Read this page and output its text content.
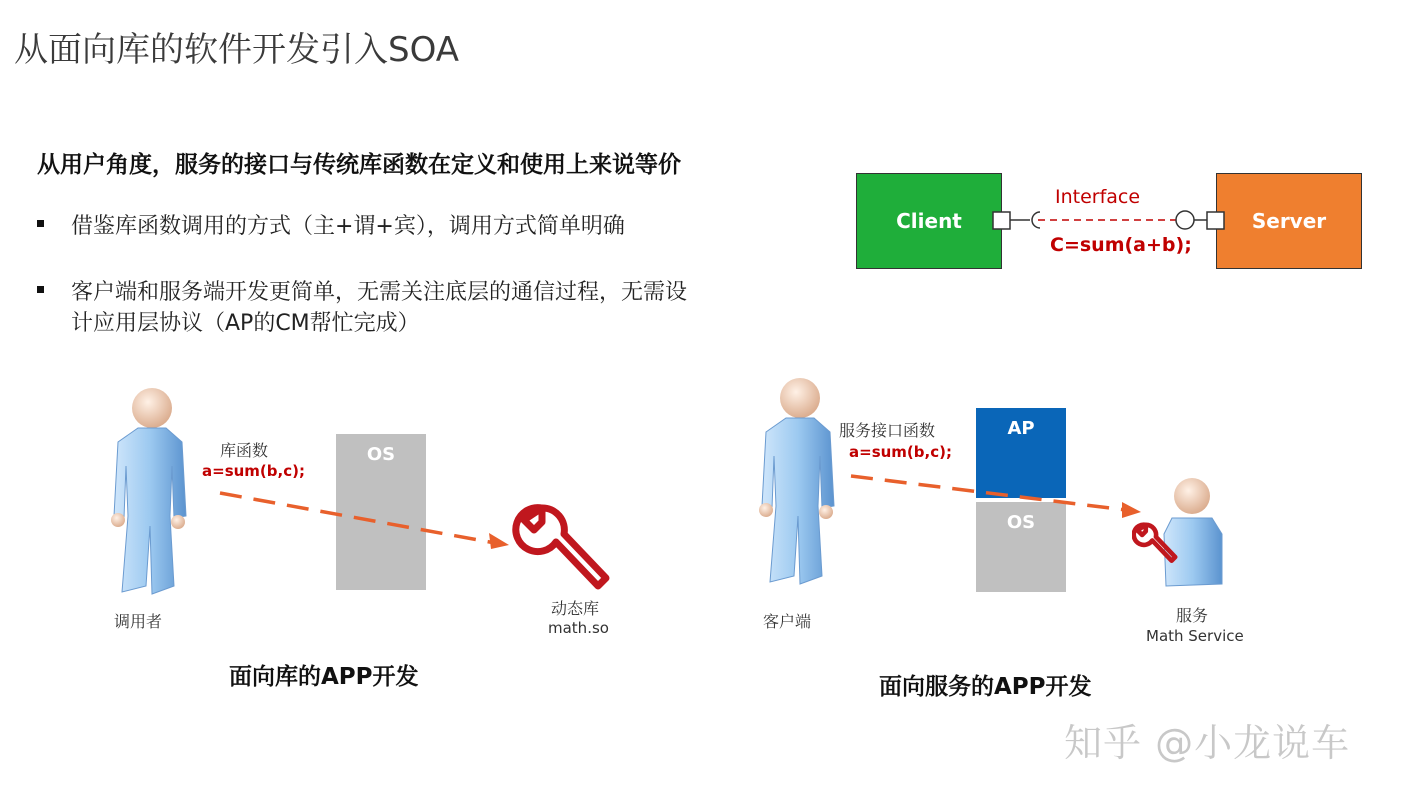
从面向库的软件开发引入SOA
从用户角度，服务的接口与传统库函数在定义和使用上来说等价
借鉴库函数调用的方式（主+谓+宾），调用方式简单明确
客户端和服务端开发更简单，无需关注底层的通信过程，无需设
计应用层协议（AP的CM帮忙完成）
Client	Server
Interface
C=sum(a+b);
调用者
库函数
a=sum(b,c);
OS
动态库
math.so
面向库的APP开发
客户端
服务接口函数
a=sum(b,c);
AP
OS
服务
Math Service
面向服务的APP开发
知乎 @小龙说车
